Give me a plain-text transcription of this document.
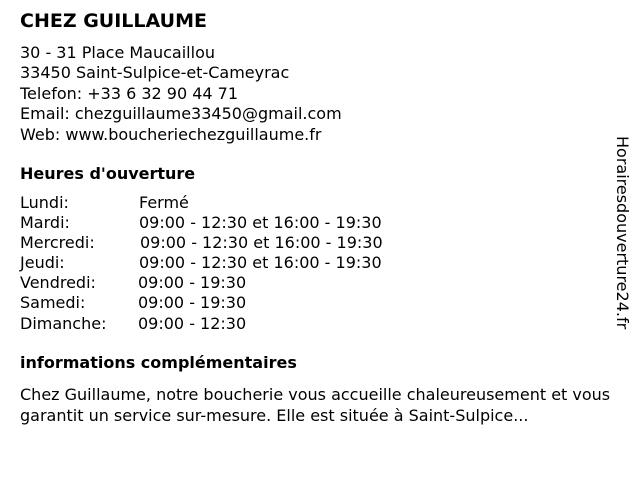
CHEZ GUILLAUME
30 - 31 Place Maucaillou
33450 Saint-Sulpice-et-Cameyrac
Telefon: +33 6 32 90 44 71
Email: chezguillaume33450@gmail.com
Web: www.boucheriechezguillaume.fr
Heures d'ouverture
Lundi:	Fermé
Mardi:	09:00 - 12:30 et 16:00 - 19:30
Mercredi:	09:00 - 12:30 et 16:00 - 19:30
Jeudi:	09:00 - 12:30 et 16:00 - 19:30
Vendredi:	09:00 - 19:30
Samedi:	09:00 - 19:30
Dimanche: 09:00 - 12:30
informations complémentaires
Chez Guillaume, notre boucherie vous accueille chaleureusement et vous garantit un service sur-mesure. Elle est située à Saint-Sulpice...
Horairesdouverture24.fr
